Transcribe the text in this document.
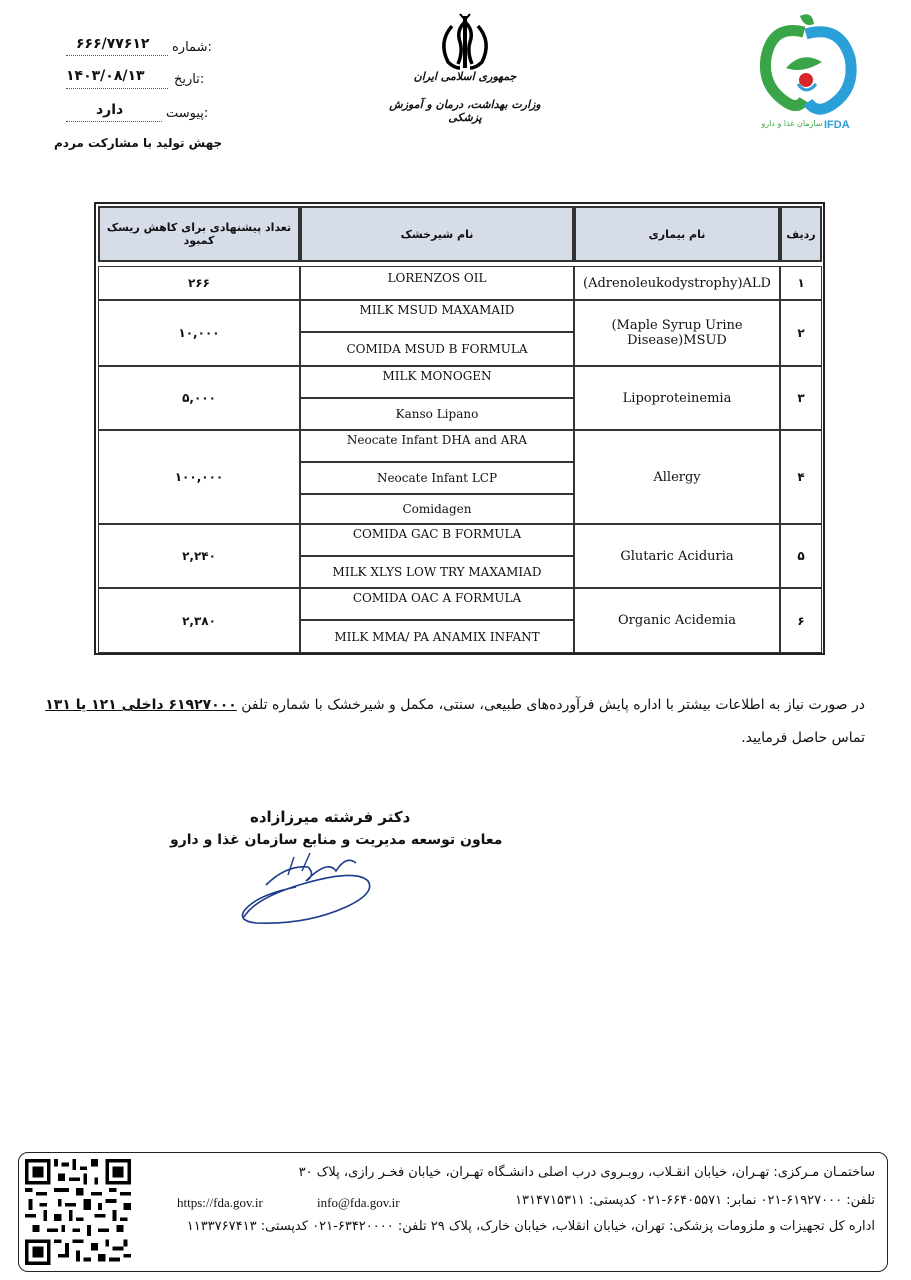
شماره:
۶۶۶/۷۷۶۱۲
تاریخ:
۱۴۰۳/۰۸/۱۳
پیوست:
دارد
جهش تولید با مشارکت مردم
جمهوری اسلامی ایران
وزارت بهداشت، درمان و آموزش پزشکی
IFDA
سازمان غذا و دارو
ردیف
نام بیماری
نام شیرخشک
تعداد پیشنهادی برای کاهش ریسک کمبود
۱
(Adrenoleukodystrophy)ALD
LORENZOS OIL
۲۶۶
۲
(Maple Syrup Urine Disease)MSUD
MILK MSUD MAXAMAID
COMIDA MSUD B FORMULA
۱۰,۰۰۰
۳
Lipoproteinemia
MILK MONOGEN
Kanso Lipano
۵,۰۰۰
۴
Allergy
Neocate Infant DHA and ARA
Neocate Infant LCP
Comidagen
۱۰۰,۰۰۰
۵
Glutaric Aciduria
COMIDA GAC B FORMULA
MILK XLYS LOW TRY MAXAMIAD
۲,۲۴۰
۶
Organic Acidemia
COMIDA OAC A FORMULA
MILK MMA/ PA ANAMIX INFANT
۲,۳۸۰
در صورت نیاز به اطلاعات بیشتر با اداره پایش فرآورده‌های طبیعی، سنتی، مکمل و شیرخشک با شماره تلفن ۶۱۹۲۷۰۰۰ داخلی ۱۲۱ یا ۱۳۱
تماس حاصل فرمایید.
دکتر فرشته میرزازاده
معاون توسعه مدیریت و منابع سازمان غذا و دارو
ساختمـان مـرکزی: تهـران، خیابان انقـلاب، روبـروی درب اصلی دانشـگاه تهـران، خیابان فخـر رازی، پلاک ۳۰
تلفن: ۶۱۹۲۷۰۰۰-۰۲۱ نمابر: ۶۶۴۰۵۵۷۱-۰۲۱ کدپستی: ۱۳۱۴۷۱۵۳۱۱
info@fda.gov.ir
https://fda.gov.ir
اداره کل تجهیزات و ملزومات پزشکی: تهران، خیابان انقلاب، خیابان خارک، پلاک ۲۹ تلفن: ۶۳۴۲۰۰۰۰-۰۲۱ کدپستی: ۱۱۳۳۷۶۷۴۱۳
